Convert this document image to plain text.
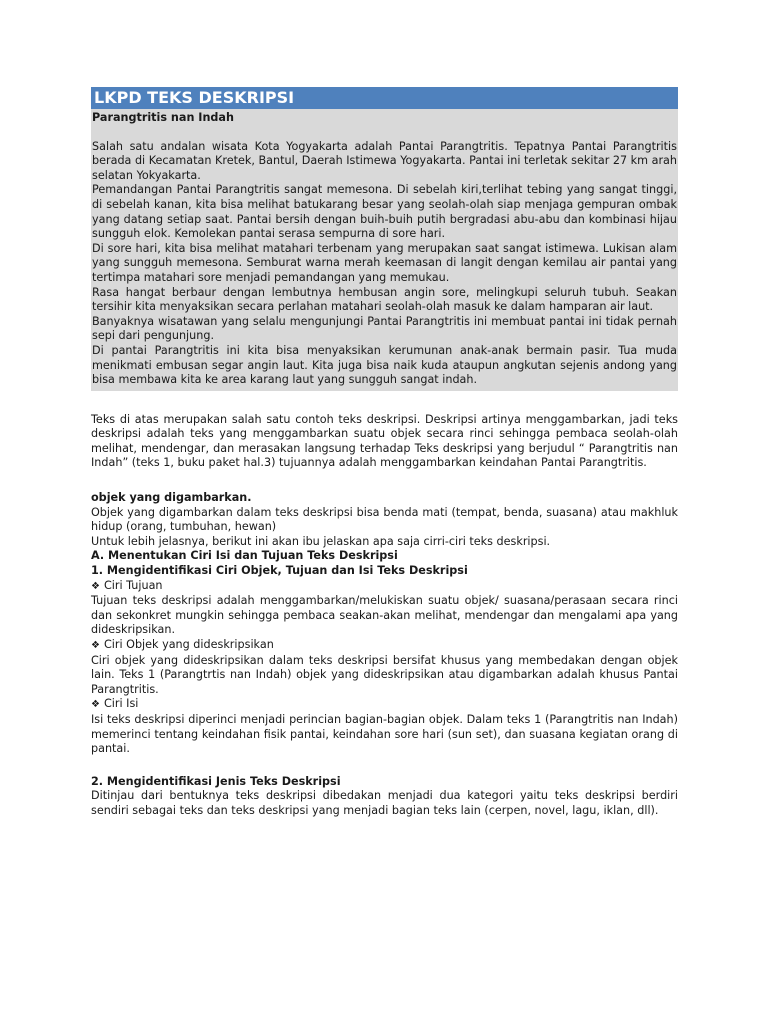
LKPD TEKS DESKRIPSI
Parangtritis nan Indah

Salah satu andalan wisata Kota Yogyakarta adalah Pantai Parangtritis. Tepatnya Pantai Parangtritis berada di Kecamatan Kretek, Bantul, Daerah Istimewa Yogyakarta. Pantai ini terletak sekitar 27 km arah selatan Yokyakarta.

Pemandangan Pantai Parangtritis sangat memesona. Di sebelah kiri,terlihat tebing yang sangat tinggi, di sebelah kanan, kita bisa melihat batukarang besar yang seolah-olah siap menjaga gempuran ombak yang datang setiap saat. Pantai bersih dengan buih-buih putih bergradasi abu-abu dan kombinasi hijau sungguh elok. Kemolekan pantai serasa sempurna di sore hari.

Di sore hari, kita bisa melihat matahari terbenam yang merupakan saat sangat istimewa. Lukisan alam yang sungguh memesona. Semburat warna merah keemasan di langit dengan kemilau air pantai yang tertimpa matahari sore menjadi pemandangan yang memukau.

Rasa hangat berbaur dengan lembutnya hembusan angin sore, melingkupi seluruh tubuh. Seakan tersihir kita menyaksikan secara perlahan matahari seolah-olah masuk ke dalam hamparan air laut.

Banyaknya wisatawan yang selalu mengunjungi Pantai Parangtritis ini membuat pantai ini tidak pernah sepi dari pengunjung.

Di pantai Parangtritis ini kita bisa menyaksikan kerumunan anak-anak bermain pasir. Tua muda menikmati embusan segar angin laut. Kita juga bisa naik kuda ataupun angkutan sejenis andong yang bisa membawa kita ke area karang laut yang sungguh sangat indah.

Teks di atas merupakan salah satu contoh teks deskripsi. Deskripsi artinya menggambarkan, jadi teks deskripsi adalah teks yang menggambarkan suatu objek secara rinci sehingga pembaca seolah-olah melihat, mendengar, dan merasakan langsung terhadap Teks deskripsi yang berjudul “ Parangtritis nan Indah” (teks 1, buku paket hal.3) tujuannya adalah menggambarkan keindahan Pantai Parangtritis.

objek yang digambarkan.

Objek yang digambarkan dalam teks deskripsi bisa benda mati (tempat, benda, suasana) atau makhluk hidup (orang, tumbuhan, hewan)

Untuk lebih jelasnya, berikut ini akan ibu jelaskan apa saja cirri-ciri teks deskripsi.

A. Menentukan Ciri Isi dan Tujuan Teks Deskripsi

1. Mengidentifikasi Ciri Objek, Tujuan dan Isi Teks Deskripsi

❖ Ciri Tujuan

Tujuan teks deskripsi adalah menggambarkan/melukiskan suatu objek/ suasana/perasaan secara rinci dan sekonkret mungkin sehingga pembaca seakan-akan melihat, mendengar dan mengalami apa yang dideskripsikan.

❖ Ciri Objek yang dideskripsikan

Ciri objek yang dideskripsikan dalam teks deskripsi bersifat khusus yang membedakan dengan objek lain. Teks 1 (Parangtrtis nan Indah) objek yang dideskripsikan atau digambarkan adalah khusus Pantai Parangtritis.

❖ Ciri Isi

Isi teks deskripsi diperinci menjadi perincian bagian-bagian objek. Dalam teks 1 (Parangtritis nan Indah) memerinci tentang keindahan fisik pantai, keindahan sore hari (sun set), dan suasana kegiatan orang di pantai.

2. Mengidentifikasi Jenis Teks Deskripsi

Ditinjau dari bentuknya teks deskripsi dibedakan menjadi dua kategori yaitu teks deskripsi berdiri sendiri sebagai teks dan teks deskripsi yang menjadi bagian teks lain (cerpen, novel, lagu, iklan, dll).
